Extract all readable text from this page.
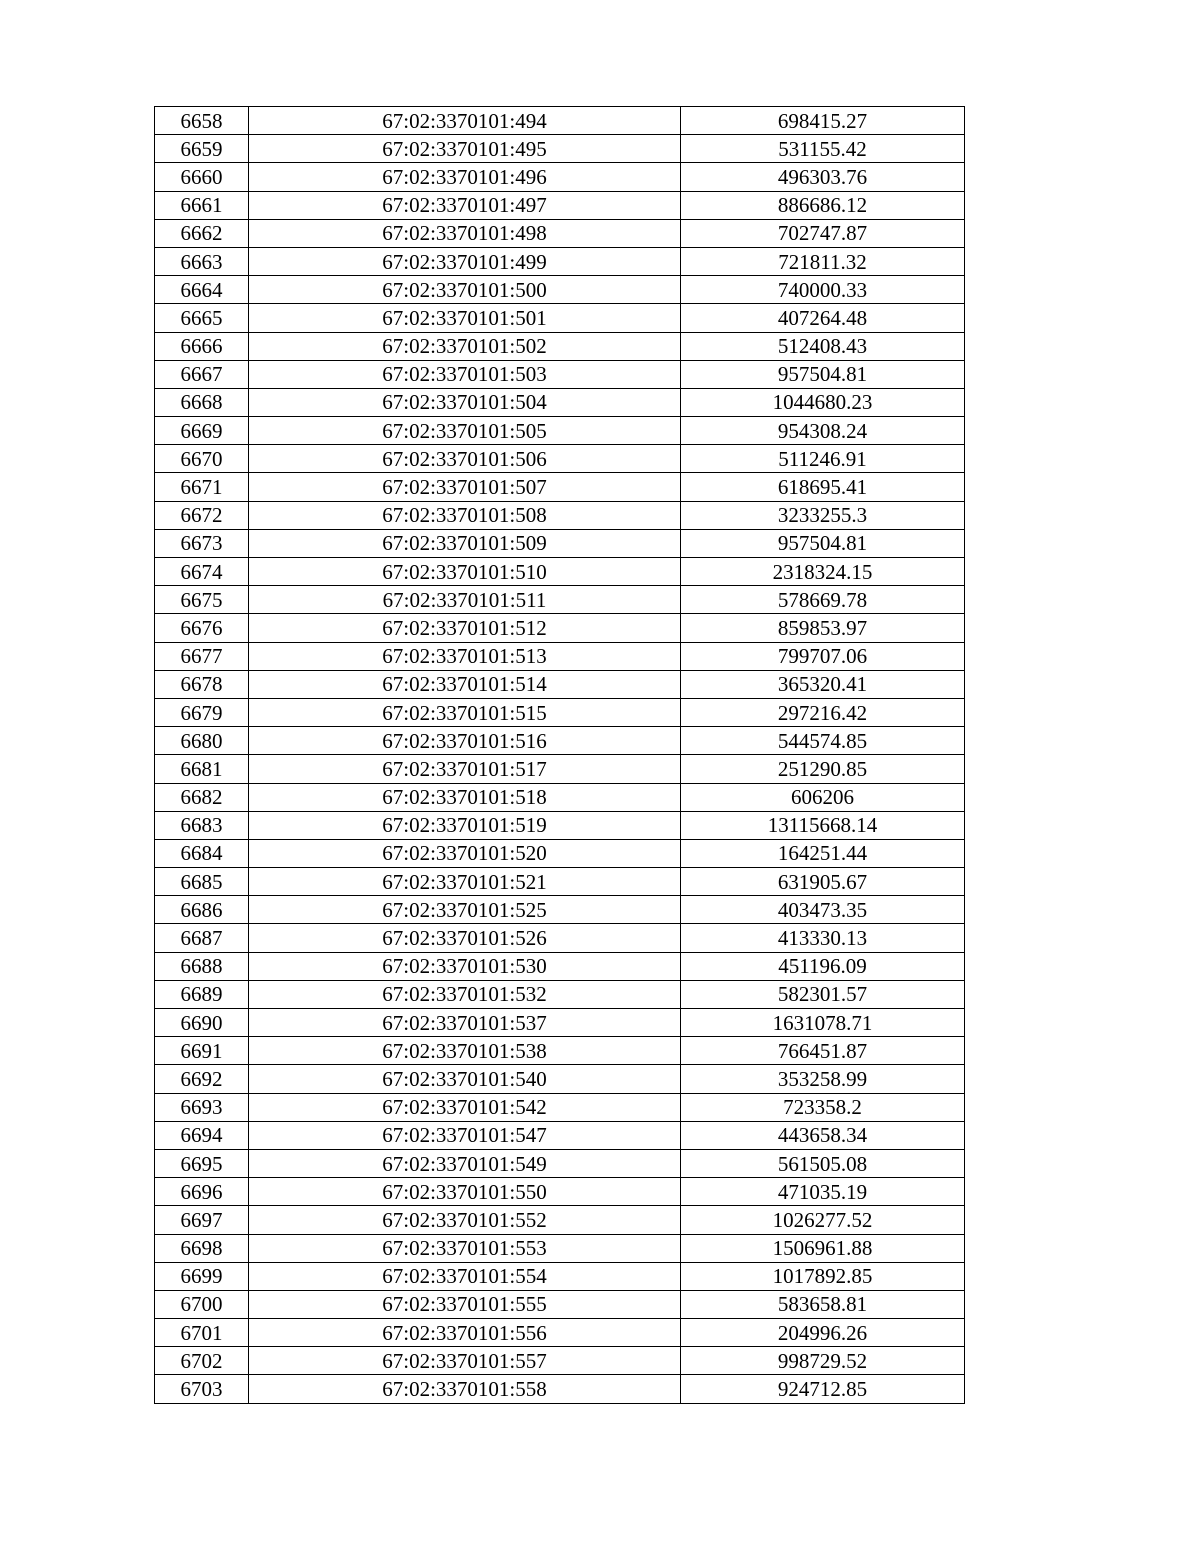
6658	67:02:3370101:494	698415.27
6659	67:02:3370101:495	531155.42
6660	67:02:3370101:496	496303.76
6661	67:02:3370101:497	886686.12
6662	67:02:3370101:498	702747.87
6663	67:02:3370101:499	721811.32
6664	67:02:3370101:500	740000.33
6665	67:02:3370101:501	407264.48
6666	67:02:3370101:502	512408.43
6667	67:02:3370101:503	957504.81
6668	67:02:3370101:504	1044680.23
6669	67:02:3370101:505	954308.24
6670	67:02:3370101:506	511246.91
6671	67:02:3370101:507	618695.41
6672	67:02:3370101:508	3233255.3
6673	67:02:3370101:509	957504.81
6674	67:02:3370101:510	2318324.15
6675	67:02:3370101:511	578669.78
6676	67:02:3370101:512	859853.97
6677	67:02:3370101:513	799707.06
6678	67:02:3370101:514	365320.41
6679	67:02:3370101:515	297216.42
6680	67:02:3370101:516	544574.85
6681	67:02:3370101:517	251290.85
6682	67:02:3370101:518	606206
6683	67:02:3370101:519	13115668.14
6684	67:02:3370101:520	164251.44
6685	67:02:3370101:521	631905.67
6686	67:02:3370101:525	403473.35
6687	67:02:3370101:526	413330.13
6688	67:02:3370101:530	451196.09
6689	67:02:3370101:532	582301.57
6690	67:02:3370101:537	1631078.71
6691	67:02:3370101:538	766451.87
6692	67:02:3370101:540	353258.99
6693	67:02:3370101:542	723358.2
6694	67:02:3370101:547	443658.34
6695	67:02:3370101:549	561505.08
6696	67:02:3370101:550	471035.19
6697	67:02:3370101:552	1026277.52
6698	67:02:3370101:553	1506961.88
6699	67:02:3370101:554	1017892.85
6700	67:02:3370101:555	583658.81
6701	67:02:3370101:556	204996.26
6702	67:02:3370101:557	998729.52
6703	67:02:3370101:558	924712.85
